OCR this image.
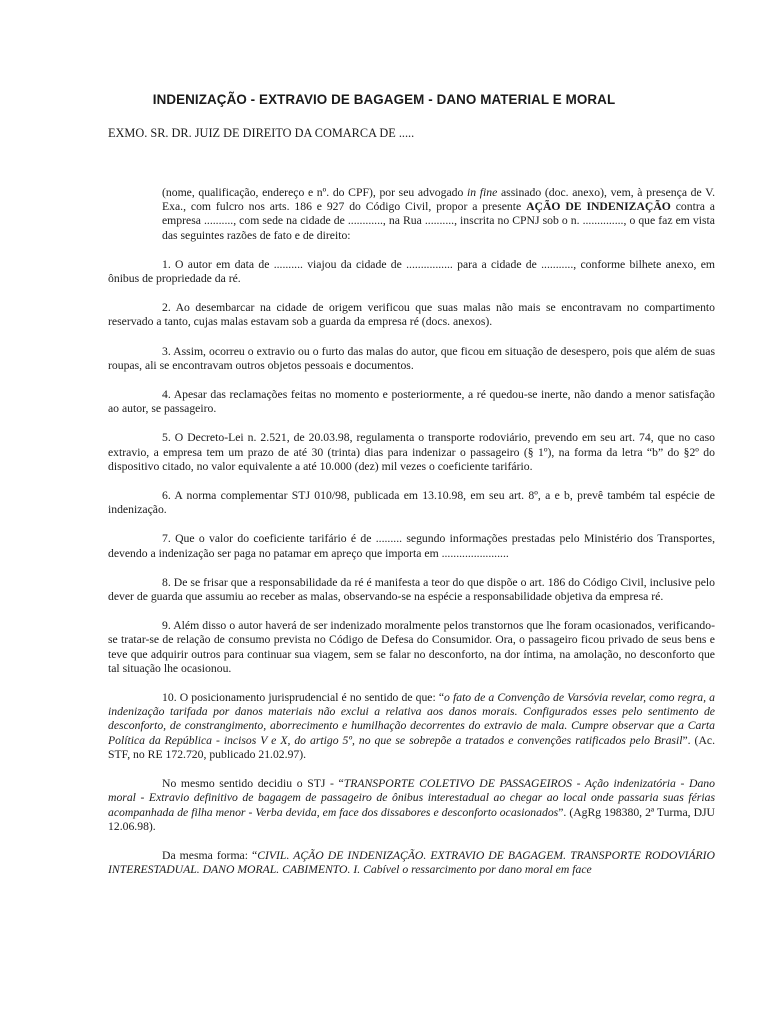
INDENIZAÇÃO - EXTRAVIO DE BAGAGEM - DANO MATERIAL E MORAL
EXMO. SR. DR. JUIZ DE DIREITO DA COMARCA DE .....

(nome, qualificação, endereço e nº. do CPF), por seu advogado in fine assinado (doc. anexo), vem, à presença de V. Exa., com fulcro nos arts. 186 e 927 do Código Civil, propor a presente AÇÃO DE INDENIZAÇÃO contra a empresa .........., com sede na cidade de ............, na Rua .........., inscrita no CPNJ sob o n. .............., o que faz em vista das seguintes razões de fato e de direito:

1. O autor em data de .......... viajou da cidade de ................ para a cidade de ..........., conforme bilhete anexo, em ônibus de propriedade da ré.

2. Ao desembarcar na cidade de origem verificou que suas malas não mais se encontravam no compartimento reservado a tanto, cujas malas estavam sob a guarda da empresa ré (docs. anexos).

3. Assim, ocorreu o extravio ou o furto das malas do autor, que ficou em situação de desespero, pois que além de suas roupas, ali se encontravam outros objetos pessoais e documentos.

4. Apesar das reclamações feitas no momento e posteriormente, a ré quedou-se inerte, não dando a menor satisfação ao autor, se passageiro.

5. O Decreto-Lei n. 2.521, de 20.03.98, regulamenta o transporte rodoviário, prevendo em seu art. 74, que no caso extravio, a empresa tem um prazo de até 30 (trinta) dias para indenizar o passageiro (§ 1º), na forma da letra “b” do §2º do dispositivo citado, no valor equivalente a até 10.000 (dez) mil vezes o coeficiente tarifário.

6. A norma complementar STJ 010/98, publicada em 13.10.98, em seu art. 8º, a e b, prevê também tal espécie de indenização.

7. Que o valor do coeficiente tarifário é de ......... segundo informações prestadas pelo Ministério dos Transportes, devendo a indenização ser paga no patamar em apreço que importa em .......................

8. De se frisar que a responsabilidade da ré é manifesta a teor do que dispõe o art. 186 do Código Civil, inclusive pelo dever de guarda que assumiu ao receber as malas, observando-se na espécie a responsabilidade objetiva da empresa ré.

9. Além disso o autor haverá de ser indenizado moralmente pelos transtornos que lhe foram ocasionados, verificando-se tratar-se de relação de consumo prevista no Código de Defesa do Consumidor. Ora, o passageiro ficou privado de seus bens e teve que adquirir outros para continuar sua viagem, sem se falar no desconforto, na dor íntima, na amolação, no desconforto que tal situação lhe ocasionou.

10. O posicionamento jurisprudencial é no sentido de que: “o fato de a Convenção de Varsóvia revelar, como regra, a indenização tarifada por danos materiais não exclui a relativa aos danos morais. Configurados esses pelo sentimento de desconforto, de constrangimento, aborrecimento e humilhação decorrentes do extravio de mala. Cumpre observar que a Carta Política da República - incisos V e X, do artigo 5º, no que se sobrepõe a tratados e convenções ratificados pelo Brasil”. (Ac. STF, no RE 172.720, publicado 21.02.97).

No mesmo sentido decidiu o STJ - “TRANSPORTE COLETIVO DE PASSAGEIROS - Ação indenizatória - Dano moral - Extravio definitivo de bagagem de passageiro de ônibus interestadual ao chegar ao local onde passaria suas férias acompanhada de filha menor - Verba devida, em face dos dissabores e desconforto ocasionados”. (AgRg 198380, 2ª Turma, DJU 12.06.98).

Da mesma forma: “CIVIL. AÇÃO DE INDENIZAÇÃO. EXTRAVIO DE BAGAGEM. TRANSPORTE RODOVIÁRIO INTERESTADUAL. DANO MORAL. CABIMENTO. I. Cabível o ressarcimento por dano moral em face
